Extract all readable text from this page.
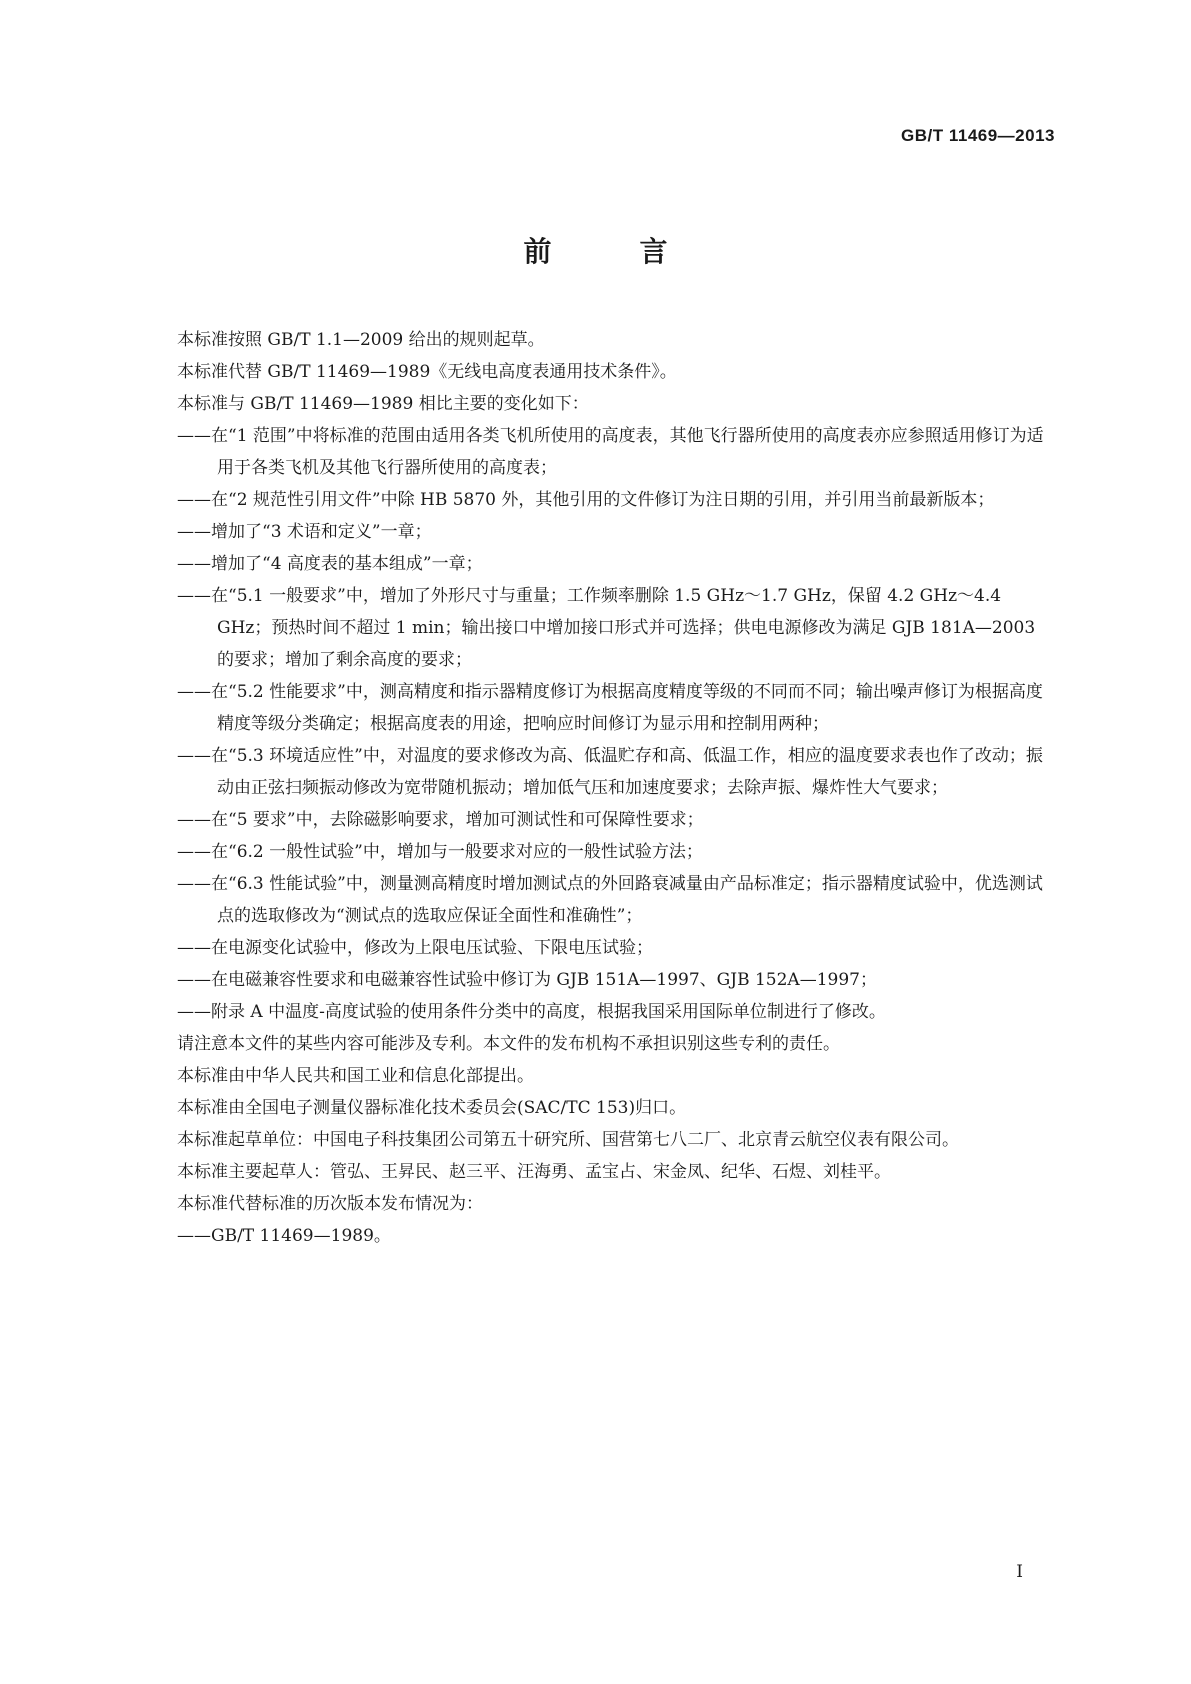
GB/T 11469—2013
前　言

本标准按照 GB/T 1.1—2009 给出的规则起草。

本标准代替 GB/T 11469—1989《无线电高度表通用技术条件》。

本标准与 GB/T 11469—1989 相比主要的变化如下：

——在“1 范围”中将标准的范围由适用各类飞机所使用的高度表，其他飞行器所使用的高度表亦应参照适用修订为适用于各类飞机及其他飞行器所使用的高度表；

——在“2 规范性引用文件”中除 HB 5870 外，其他引用的文件修订为注日期的引用，并引用当前最新版本；

——增加了“3 术语和定义”一章；

——增加了“4 高度表的基本组成”一章；

——在“5.1 一般要求”中，增加了外形尺寸与重量；工作频率删除 1.5 GHz～1.7 GHz，保留 4.2 GHz～4.4 GHz；预热时间不超过 1 min；输出接口中增加接口形式并可选择；供电电源修改为满足 GJB 181A—2003 的要求；增加了剩余高度的要求；

——在“5.2 性能要求”中，测高精度和指示器精度修订为根据高度精度等级的不同而不同；输出噪声修订为根据高度精度等级分类确定；根据高度表的用途，把响应时间修订为显示用和控制用两种；

——在“5.3 环境适应性”中，对温度的要求修改为高、低温贮存和高、低温工作，相应的温度要求表也作了改动；振动由正弦扫频振动修改为宽带随机振动；增加低气压和加速度要求；去除声振、爆炸性大气要求；

——在“5 要求”中，去除磁影响要求，增加可测试性和可保障性要求；

——在“6.2 一般性试验”中，增加与一般要求对应的一般性试验方法；

——在“6.3 性能试验”中，测量测高精度时增加测试点的外回路衰减量由产品标准定；指示器精度试验中，优选测试点的选取修改为“测试点的选取应保证全面性和准确性”；

——在电源变化试验中，修改为上限电压试验、下限电压试验；

——在电磁兼容性要求和电磁兼容性试验中修订为 GJB 151A—1997、GJB 152A—1997；

——附录 A 中温度-高度试验的使用条件分类中的高度，根据我国采用国际单位制进行了修改。

请注意本文件的某些内容可能涉及专利。本文件的发布机构不承担识别这些专利的责任。

本标准由中华人民共和国工业和信息化部提出。

本标准由全国电子测量仪器标准化技术委员会(SAC/TC 153)归口。

本标准起草单位：中国电子科技集团公司第五十研究所、国营第七八二厂、北京青云航空仪表有限公司。

本标准主要起草人：管弘、王昇民、赵三平、汪海勇、孟宝占、宋金凤、纪华、石煜、刘桂平。

本标准代替标准的历次版本发布情况为：

——GB/T 11469—1989。

I
